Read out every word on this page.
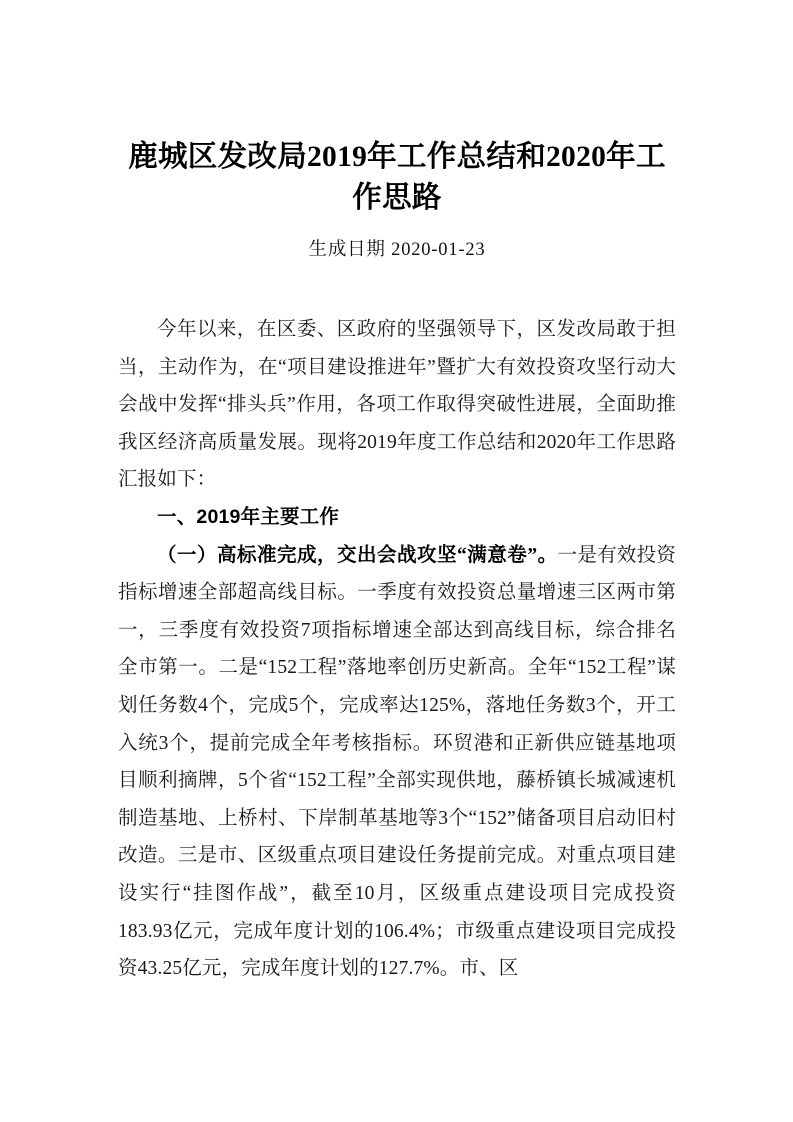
鹿城区发改局2019年工作总结和2020年工作思路
生成日期 2020-01-23

今年以来，在区委、区政府的坚强领导下，区发改局敢于担当，主动作为，在“项目建设推进年”暨扩大有效投资攻坚行动大会战中发挥“排头兵”作用，各项工作取得突破性进展，全面助推我区经济高质量发展。现将2019年度工作总结和2020年工作思路汇报如下：

一、2019年主要工作

（一）高标准完成，交出会战攻坚“满意卷”。一是有效投资指标增速全部超高线目标。一季度有效投资总量增速三区两市第一，三季度有效投资7项指标增速全部达到高线目标，综合排名全市第一。二是“152工程”落地率创历史新高。全年“152工程”谋划任务数4个，完成5个，完成率达125%，落地任务数3个，开工入统3个，提前完成全年考核指标。环贸港和正新供应链基地项目顺利摘牌，5个省“152工程”全部实现供地，藤桥镇长城减速机制造基地、上桥村、下岸制革基地等3个“152”储备项目启动旧村改造。三是市、区级重点项目建设任务提前完成。对重点项目建设实行“挂图作战”，截至10月，区级重点建设项目完成投资183.93亿元，完成年度计划的106.4%；市级重点建设项目完成投资43.25亿元，完成年度计划的127.7%。市、区
